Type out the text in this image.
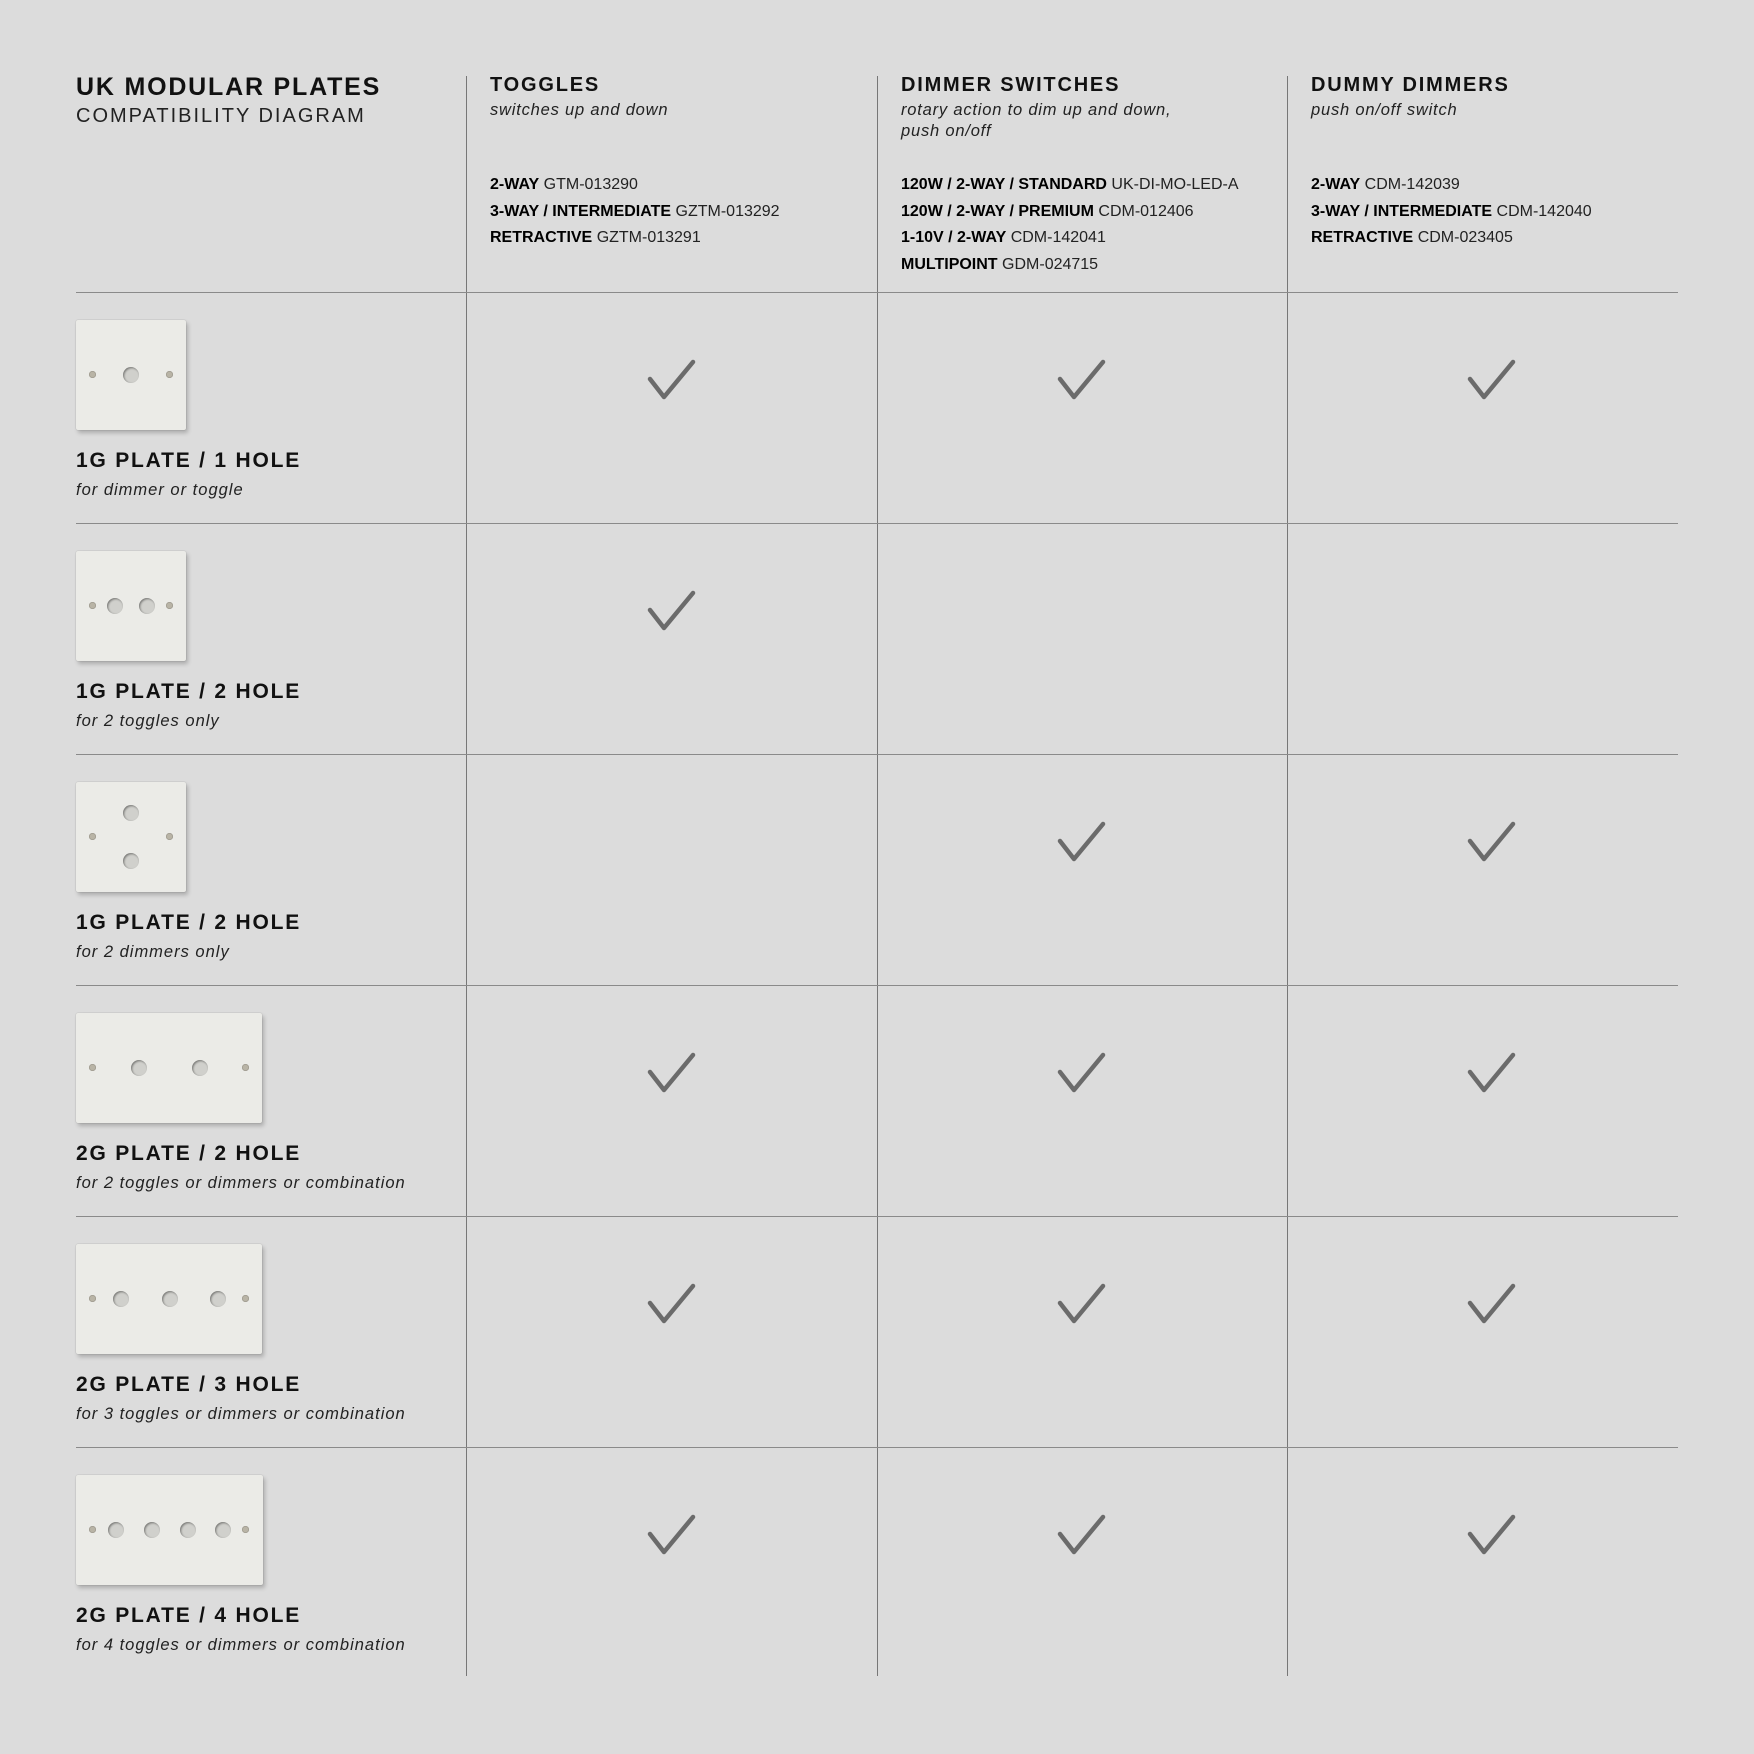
UK MODULAR PLATES
COMPATIBILITY DIAGRAM
TOGGLES
switches up and down
2-WAY GTM-013290
3-WAY / INTERMEDIATE GZTM-013292
RETRACTIVE GZTM-013291
DIMMER SWITCHES
rotary action to dim up and down,
push on/off
120W / 2-WAY / STANDARD UK-DI-MO-LED-A
120W / 2-WAY / PREMIUM CDM-012406
1-10V / 2-WAY CDM-142041
MULTIPOINT GDM-024715
DUMMY DIMMERS
push on/off switch
2-WAY CDM-142039
3-WAY / INTERMEDIATE CDM-142040
RETRACTIVE CDM-023405
1G PLATE / 1 HOLE
for dimmer or toggle
1G PLATE / 2 HOLE
for 2 toggles only
1G PLATE / 2 HOLE
for 2 dimmers only
2G PLATE / 2 HOLE
for 2 toggles or dimmers or combination
2G PLATE / 3 HOLE
for 3 toggles or dimmers or combination
2G PLATE / 4 HOLE
for 4 toggles or dimmers or combination
